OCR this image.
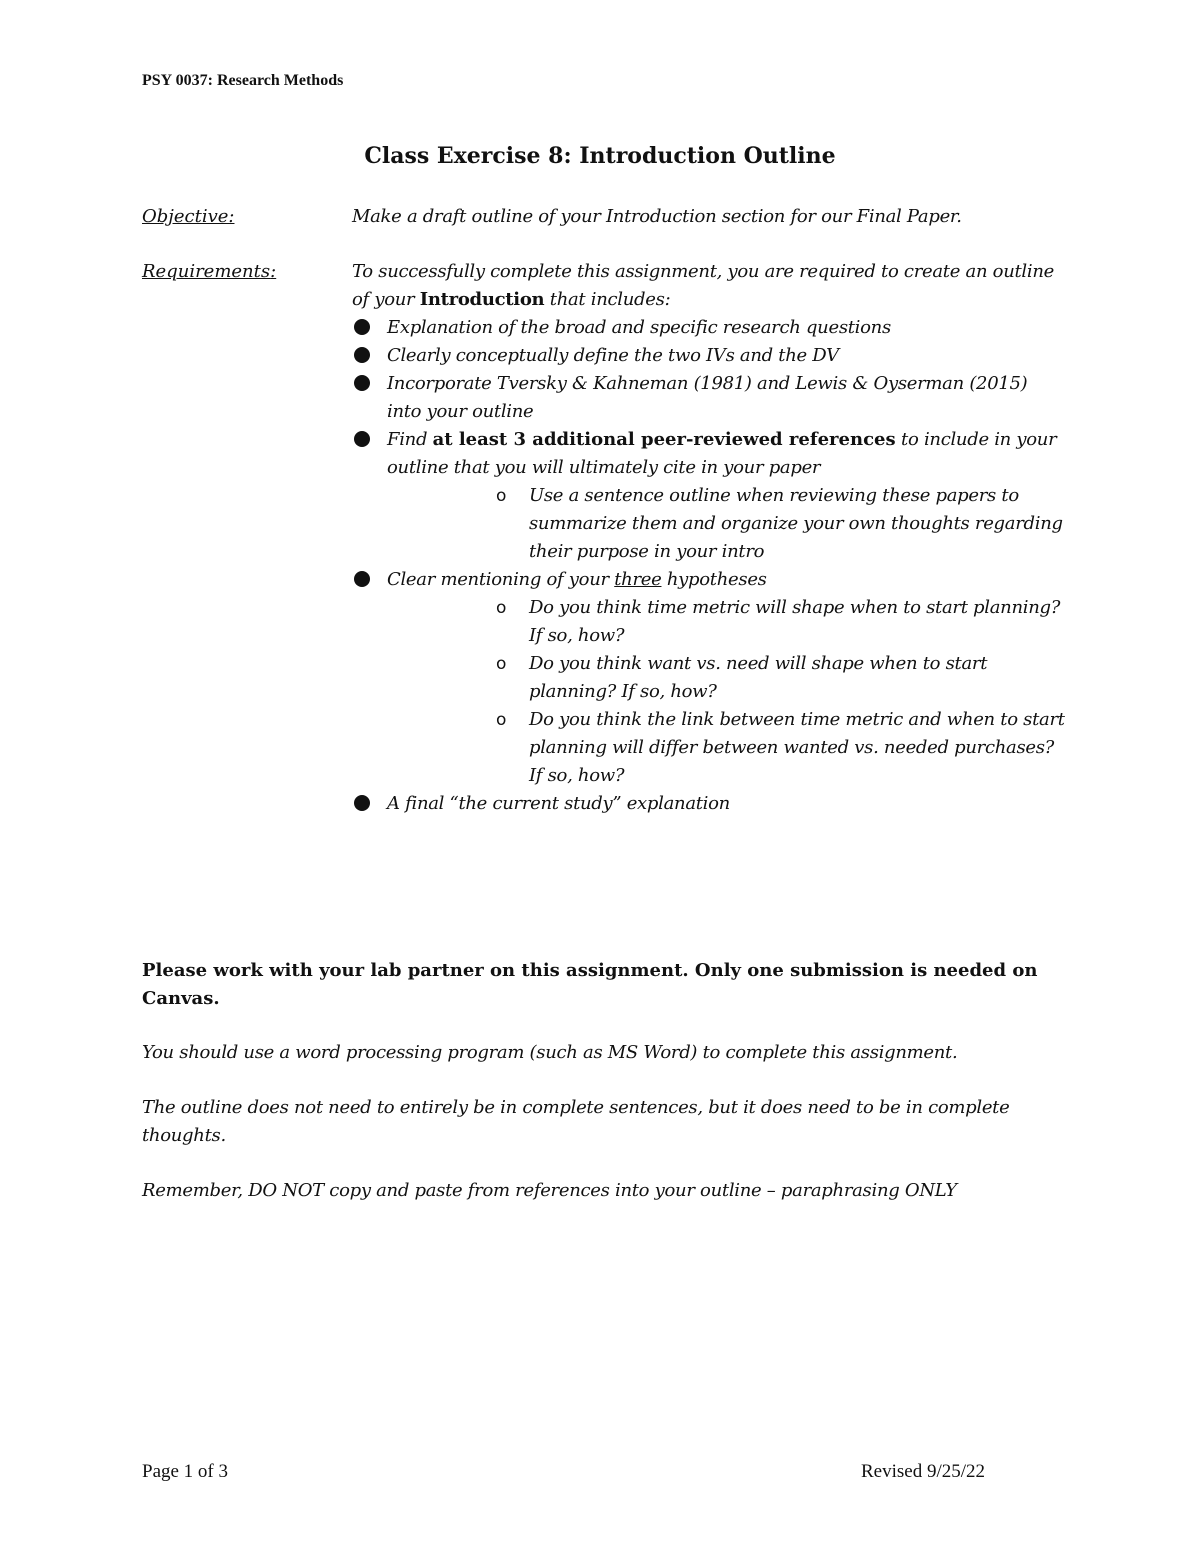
PSY 0037: Research Methods
Class Exercise 8: Introduction Outline
Objective:	Make a draft outline of your Introduction section for our Final Paper.
Requirements:	To successfully complete this assignment, you are required to create an outline of your Introduction that includes:
Explanation of the broad and specific research questions
Clearly conceptually define the two IVs and the DV
Incorporate Tversky & Kahneman (1981) and Lewis & Oyserman (2015) into your outline
Find at least 3 additional peer-reviewed references to include in your outline that you will ultimately cite in your paper
o Use a sentence outline when reviewing these papers to summarize them and organize your own thoughts regarding their purpose in your intro
Clear mentioning of your three hypotheses
o Do you think time metric will shape when to start planning? If so, how?
o Do you think want vs. need will shape when to start planning? If so, how?
o Do you think the link between time metric and when to start planning will differ between wanted vs. needed purchases? If so, how?
A final “the current study” explanation
Please work with your lab partner on this assignment. Only one submission is needed on Canvas.
You should use a word processing program (such as MS Word) to complete this assignment.
The outline does not need to entirely be in complete sentences, but it does need to be in complete thoughts.
Remember, DO NOT copy and paste from references into your outline – paraphrasing ONLY
Page 1 of 3	Revised 9/25/22
